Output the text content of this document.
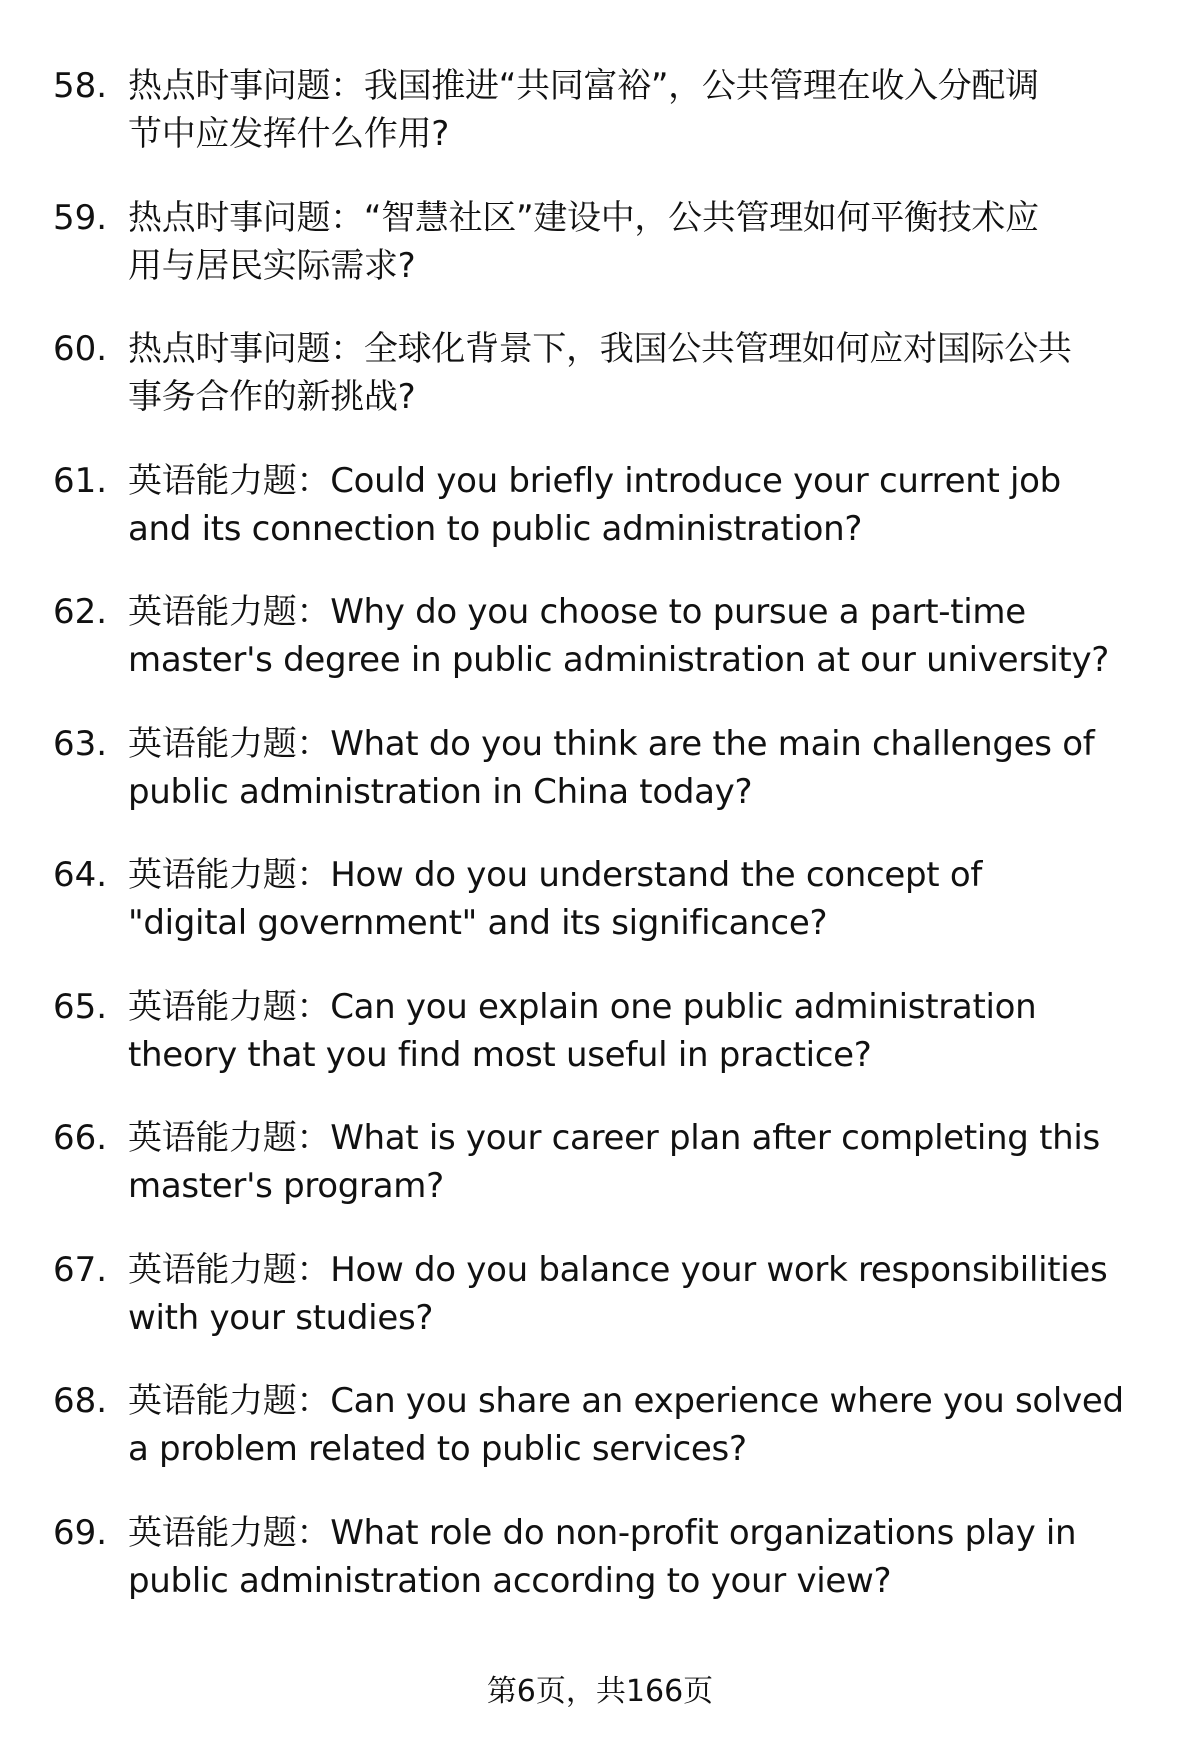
58. 热点时事问题：我国推进“共同富裕”，公共管理在收入分配调
节中应发挥什么作用?
59. 热点时事问题：“智慧社区”建设中，公共管理如何平衡技术应
用与居民实际需求?
60. 热点时事问题：全球化背景下，我国公共管理如何应对国际公共
事务合作的新挑战?
61. 英语能力题：Could you briefly introduce your current job
and its connection to public administration?
62. 英语能力题：Why do you choose to pursue a part-time
master's degree in public administration at our university?
63. 英语能力题：What do you think are the main challenges of
public administration in China today?
64. 英语能力题：How do you understand the concept of
"digital government" and its significance?
65. 英语能力题：Can you explain one public administration
theory that you find most useful in practice?
66. 英语能力题：What is your career plan after completing this
master's program?
67. 英语能力题：How do you balance your work responsibilities
with your studies?
68. 英语能力题：Can you share an experience where you solved
a problem related to public services?
69. 英语能力题：What role do non-profit organizations play in
public administration according to your view?
第6页，共166页
